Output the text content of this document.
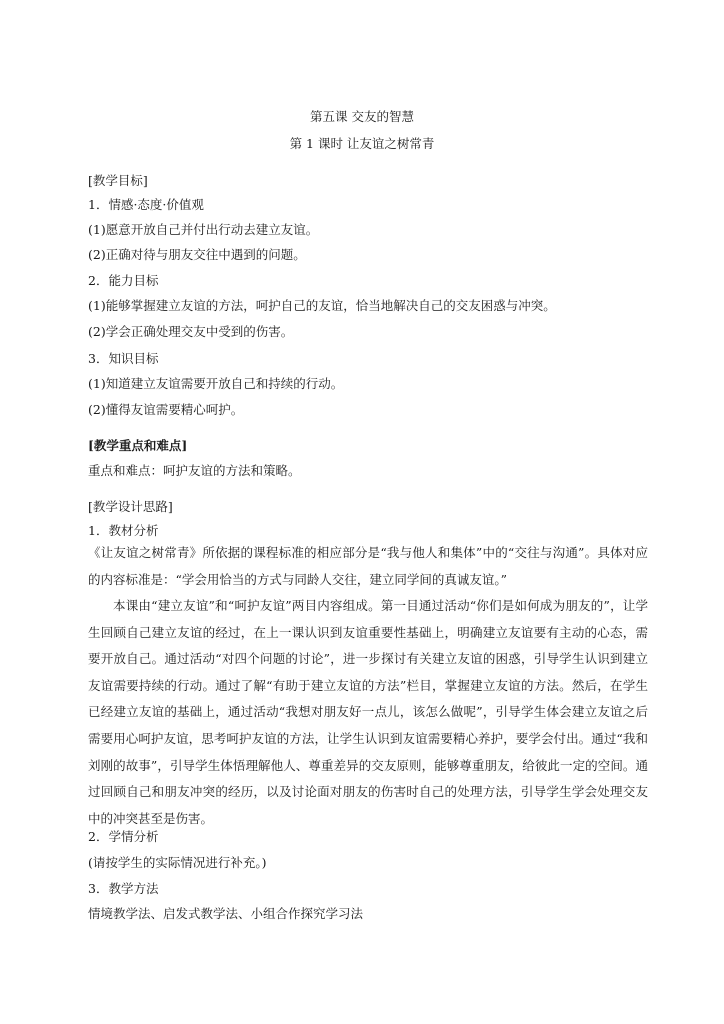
第五课 交友的智慧
第 1 课时 让友谊之树常青
[教学目标]
1．情感·态度·价值观
(1)愿意开放自己并付出行动去建立友谊。
(2)正确对待与朋友交往中遇到的问题。
2．能力目标
(1)能够掌握建立友谊的方法，呵护自己的友谊，恰当地解决自己的交友困惑与冲突。
(2)学会正确处理交友中受到的伤害。
3．知识目标
(1)知道建立友谊需要开放自己和持续的行动。
(2)懂得友谊需要精心呵护。
[教学重点和难点]
重点和难点：呵护友谊的方法和策略。
[教学设计思路]
1．教材分析

《让友谊之树常青》所依据的课程标准的相应部分是“我与他人和集体”中的“交往与沟通”。具体对应的内容标准是：“学会用恰当的方式与同龄人交往，建立同学间的真诚友谊。”

本课由“建立友谊”和“呵护友谊”两目内容组成。第一目通过活动“你们是如何成为朋友的”，让学生回顾自己建立友谊的经过，在上一课认识到友谊重要性基础上，明确建立友谊要有主动的心态，需要开放自己。通过活动“对四个问题的讨论”，进一步探讨有关建立友谊的困惑，引导学生认识到建立友谊需要持续的行动。通过了解“有助于建立友谊的方法”栏目，掌握建立友谊的方法。然后，在学生已经建立友谊的基础上，通过活动“我想对朋友好一点儿，该怎么做呢”，引导学生体会建立友谊之后需要用心呵护友谊，思考呵护友谊的方法，让学生认识到友谊需要精心养护，要学会付出。通过“我和刘刚的故事”，引导学生体悟理解他人、尊重差异的交友原则，能够尊重朋友，给彼此一定的空间。通过回顾自己和朋友冲突的经历，以及讨论面对朋友的伤害时自己的处理方法，引导学生学会处理交友中的冲突甚至是伤害。

2．学情分析
(请按学生的实际情况进行补充。)
3．教学方法
情境教学法、启发式教学法、小组合作探究学习法
